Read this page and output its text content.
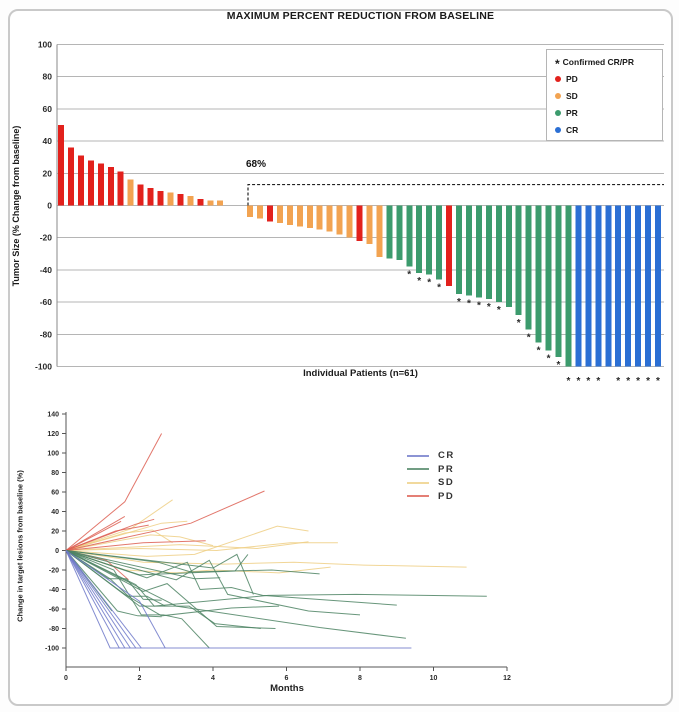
100
80
60
40
20
0
-20
-40
-60
-80
-100
*
* * *
* * * * *
*
*
*
*
*
* * * * * * * * *
140
120
100
80
60
40
20
0
-20
-40
-60
-80
-100
0	2	4	6	8	10	12
MAXIMUM PERCENT REDUCTION FROM BASELINE
Tumor Size (% Change from baseline)
Individual Patients (n=61)
68%
* Confirmed CR/PR
PD
SD
PR
CR
Change in target lesions from baseline (%)
Months
CR
PR
SD
PD
